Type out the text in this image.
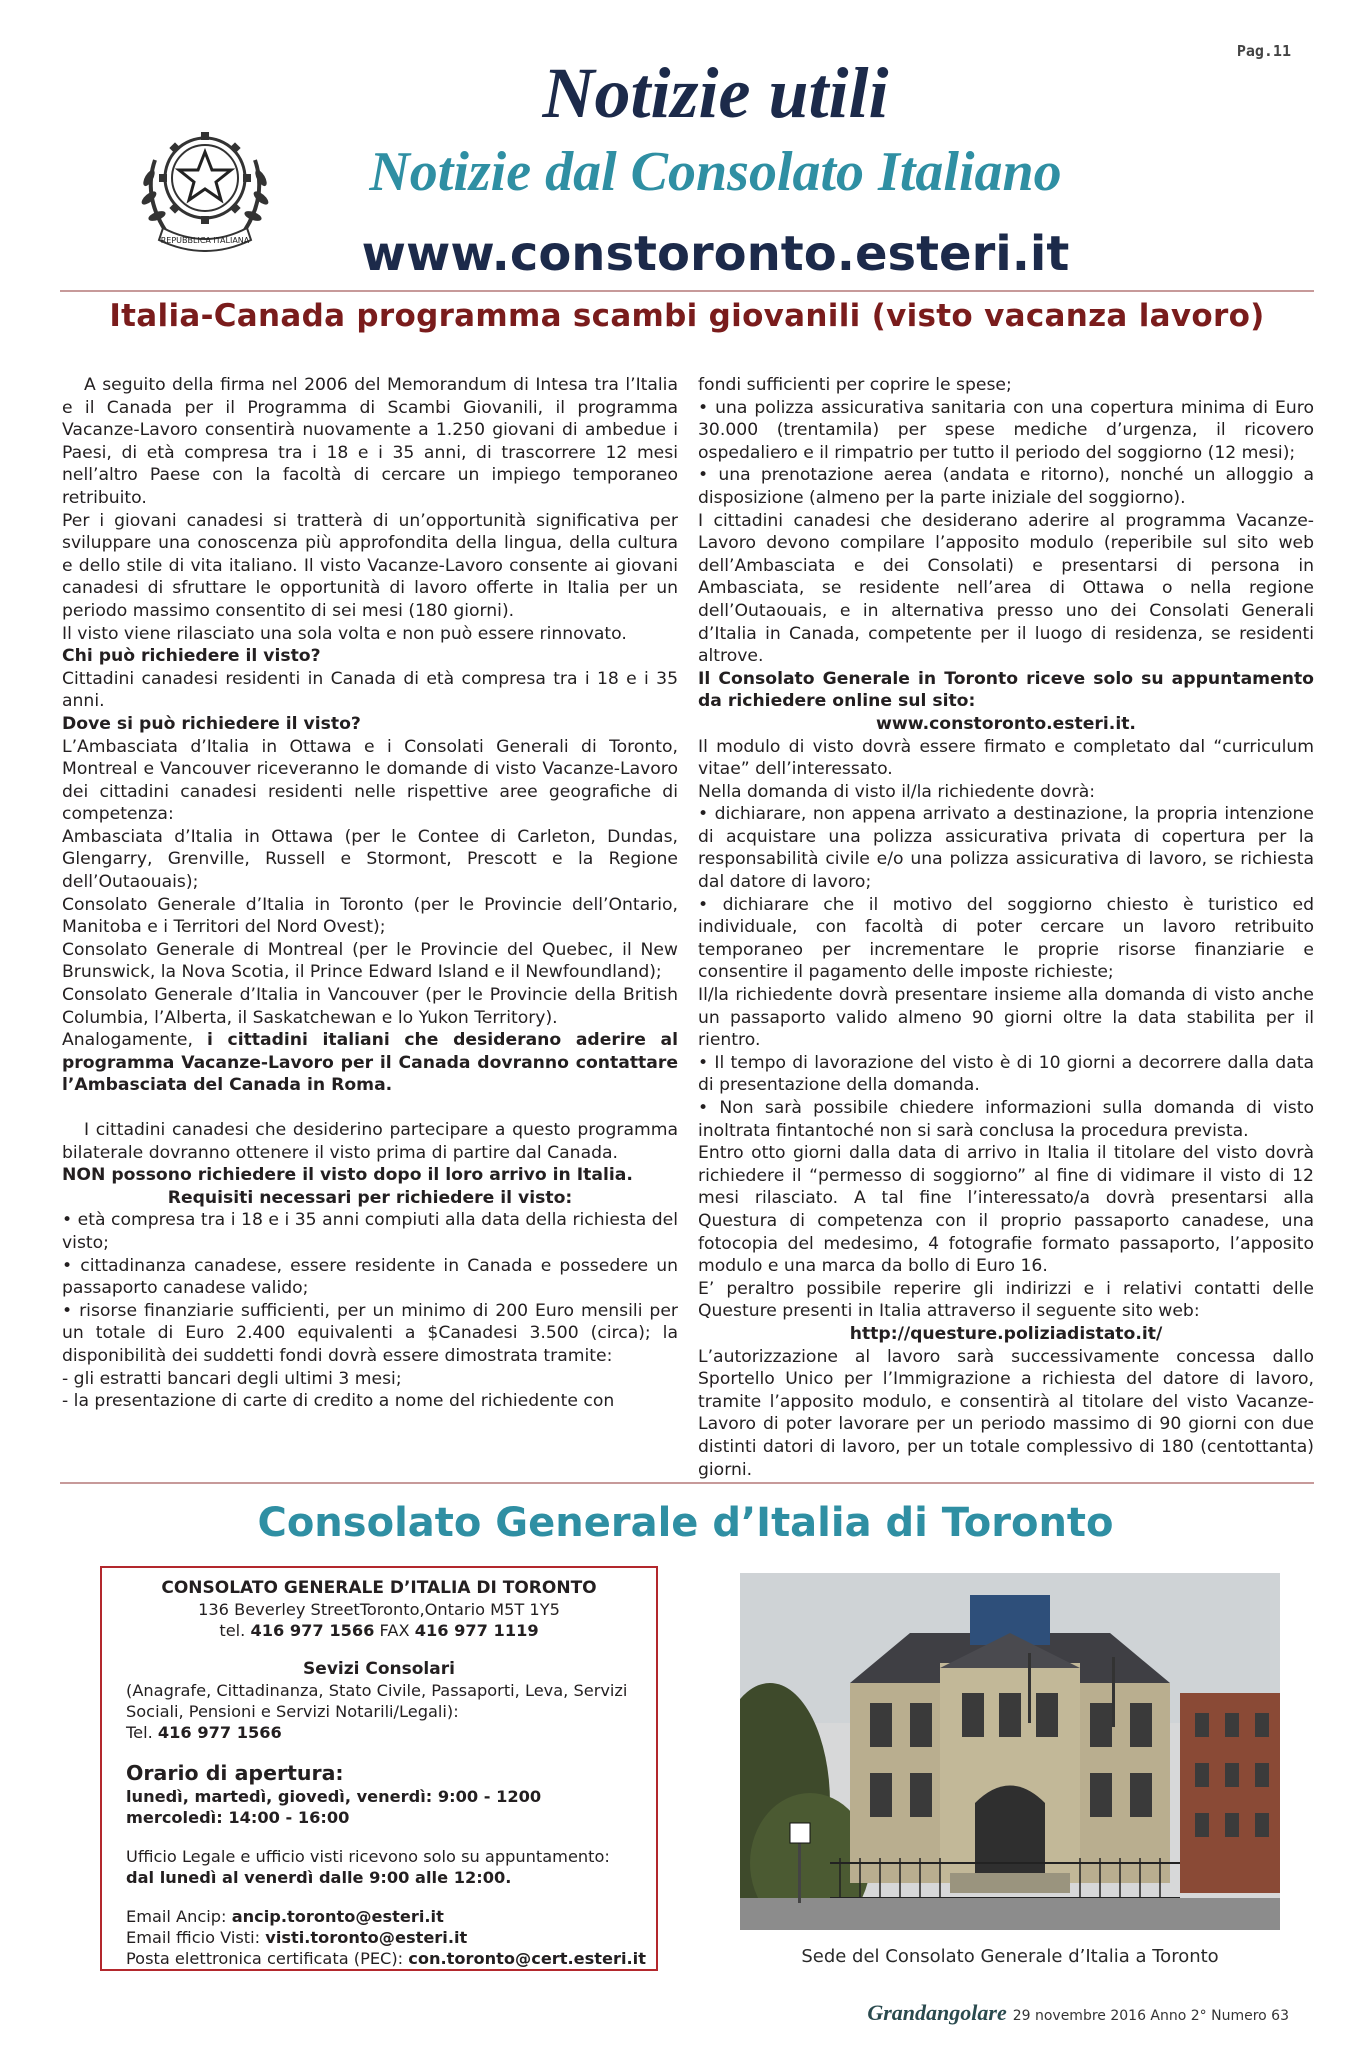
Pag.11
REPUBBLICA ITALIANA
Notizie utili
Notizie dal Consolato Italiano
www.constoronto.esteri.it
Italia-Canada programma scambi giovanili (visto vacanza lavoro)

A seguito della firma nel 2006 del Memorandum di Intesa tra l’Italia e il Canada per il Programma di Scambi Giovanili, il programma Vacanze-Lavoro consentirà nuovamente a 1.250 giovani di ambedue i Paesi, di età compresa tra i 18 e i 35 anni, di trascorrere 12 mesi nell’altro Paese con la facoltà di cercare un impiego temporaneo retribuito.

Per i giovani canadesi si tratterà di un’opportunità significativa per sviluppare una conoscenza più approfondita della lingua, della cultura e dello stile di vita italiano. Il visto Vacanze-Lavoro consente ai giovani canadesi di sfruttare le opportunità di lavoro offerte in Italia per un periodo massimo consentito di sei mesi (180 giorni).

Il visto viene rilasciato una sola volta e non può essere rinnovato.

Chi può richiedere il visto?

Cittadini canadesi residenti in Canada di età compresa tra i 18 e i 35 anni.

Dove si può richiedere il visto?

L’Ambasciata d’Italia in Ottawa e i Consolati Generali di Toronto, Montreal e Vancouver riceveranno le domande di visto Vacanze-Lavoro dei cittadini canadesi residenti nelle rispettive aree geografiche di competenza:

Ambasciata d’Italia in Ottawa (per le Contee di Carleton, Dundas, Glengarry, Grenville, Russell e Stormont, Prescott e la Regione dell’Outaouais);

Consolato Generale d’Italia in Toronto (per le Provincie dell’Ontario, Manitoba e i Territori del Nord Ovest);

Consolato Generale di Montreal (per le Provincie del Quebec, il New Brunswick, la Nova Scotia, il Prince Edward Island e il Newfoundland);

Consolato Generale d’Italia in Vancouver (per le Provincie della British Columbia, l’Alberta, il Saskatchewan e lo Yukon Territory).

Analogamente, i cittadini italiani che desiderano aderire al programma Vacanze-Lavoro per il Canada dovranno contattare l’Ambasciata del Canada in Roma.

I cittadini canadesi che desiderino partecipare a questo programma bilaterale dovranno ottenere il visto prima di partire dal Canada.

NON possono richiedere il visto dopo il loro arrivo in Italia.

Requisiti necessari per richiedere il visto:

• età compresa tra i 18 e i 35 anni compiuti alla data della richiesta del visto;

• cittadinanza canadese, essere residente in Canada e possedere un passaporto canadese valido;

• risorse finanziarie sufficienti, per un minimo di 200 Euro mensili per un totale di Euro 2.400 equivalenti a $Canadesi 3.500 (circa); la disponibilità dei suddetti fondi dovrà essere dimostrata tramite:

- gli estratti bancari degli ultimi 3 mesi;

- la presentazione di carte di credito a nome del richiedente con

fondi sufficienti per coprire le spese;

• una polizza assicurativa sanitaria con una copertura minima di Euro 30.000 (trentamila) per spese mediche d’urgenza, il ricovero ospedaliero e il rimpatrio per tutto il periodo del soggiorno (12 mesi);

• una prenotazione aerea (andata e ritorno), nonché un alloggio a disposizione (almeno per la parte iniziale del soggiorno).

I cittadini canadesi che desiderano aderire al programma Vacanze-Lavoro devono compilare l’apposito modulo (reperibile sul sito web dell’Ambasciata e dei Consolati) e presentarsi di persona in Ambasciata, se residente nell’area di Ottawa o nella regione dell’Outaouais, e in alternativa presso uno dei Consolati Generali d’Italia in Canada, competente per il luogo di residenza, se residenti altrove.

Il Consolato Generale in Toronto riceve solo su appuntamento da richiedere online sul sito:

www.constoronto.esteri.it.

Il modulo di visto dovrà essere firmato e completato dal “curriculum vitae” dell’interessato.

Nella domanda di visto il/la richiedente dovrà:

• dichiarare, non appena arrivato a destinazione, la propria intenzione di acquistare una polizza assicurativa privata di copertura per la responsabilità civile e/o una polizza assicurativa di lavoro, se richiesta dal datore di lavoro;

• dichiarare che il motivo del soggiorno chiesto è turistico ed individuale, con facoltà di poter cercare un lavoro retribuito temporaneo per incrementare le proprie risorse finanziarie e consentire il pagamento delle imposte richieste;

Il/la richiedente dovrà presentare insieme alla domanda di visto anche un passaporto valido almeno 90 giorni oltre la data stabilita per il rientro.

• Il tempo di lavorazione del visto è di 10 giorni a decorrere dalla data di presentazione della domanda.

• Non sarà possibile chiedere informazioni sulla domanda di visto inoltrata fintantoché non si sarà conclusa la procedura prevista.

Entro otto giorni dalla data di arrivo in Italia il titolare del visto dovrà richiedere il “permesso di soggiorno” al fine di vidimare il visto di 12 mesi rilasciato. A tal fine l’interessato/a dovrà presentarsi alla Questura di competenza con il proprio passaporto canadese, una fotocopia del medesimo, 4 fotografie formato passaporto, l’apposito modulo e una marca da bollo di Euro 16.

E’ peraltro possibile reperire gli indirizzi e i relativi contatti delle Questure presenti in Italia attraverso il seguente sito web:

http://questure.poliziadistato.it/

L’autorizzazione al lavoro sarà successivamente concessa dallo Sportello Unico per l’Immigrazione a richiesta del datore di lavoro, tramite l’apposito modulo, e consentirà al titolare del visto Vacanze-Lavoro di poter lavorare per un periodo massimo di 90 giorni con due distinti datori di lavoro, per un totale complessivo di 180 (centottanta) giorni.

Consolato Generale d’Italia di Toronto
CONSOLATO GENERALE D’ITALIA DI TORONTO
136 Beverley StreetToronto,Ontario M5T 1Y5
tel. 416 977 1566 FAX 416 977 1119
Sevizi Consolari
(Anagrafe, Cittadinanza, Stato Civile, Passaporti, Leva, Servizi Sociali, Pensioni e Servizi Notarili/Legali):
Tel. 416 977 1566
Orario di apertura:
lunedì, martedì, giovedì, venerdì: 9:00 - 1200
mercoledì: 14:00 - 16:00
Ufficio Legale e ufficio visti ricevono solo su appuntamento:
dal lunedì al venerdì dalle 9:00 alle 12:00.
Email Ancip: ancip.toronto@esteri.it
Email fficio Visti: visti.toronto@esteri.it
Posta elettronica certificata (PEC): con.toronto@cert.esteri.it	Sede del Consolato Generale d’Italia a Toronto
Grandangolare 29 novembre 2016 Anno 2° Numero 63
